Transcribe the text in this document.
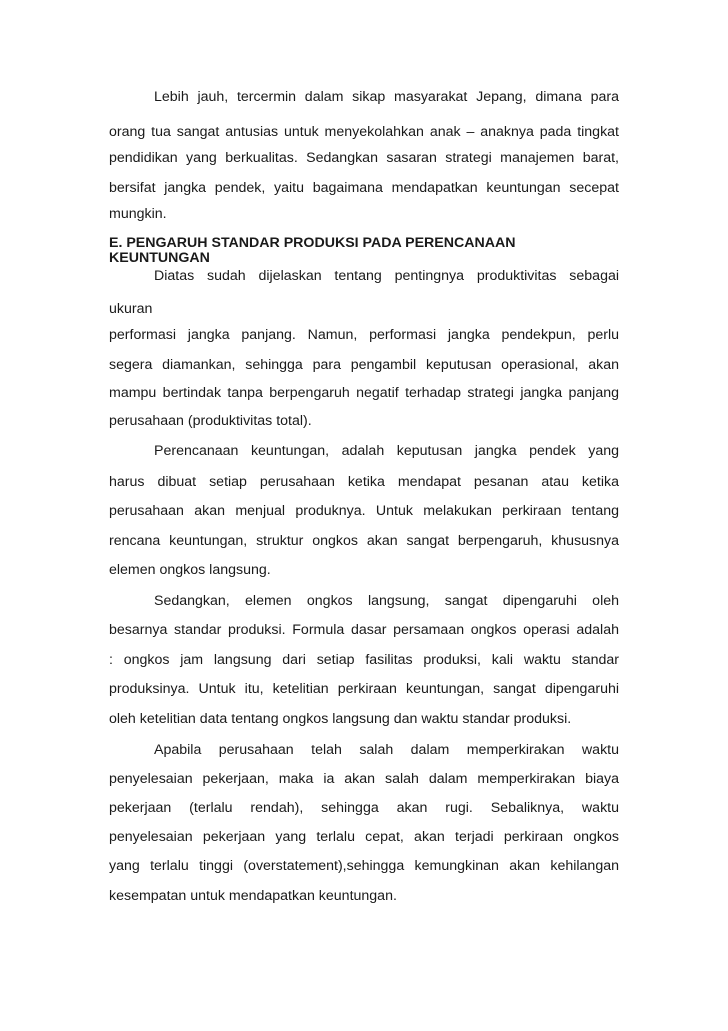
Lebih jauh, tercermin dalam sikap masyarakat Jepang, dimana para
orang tua sangat antusias untuk menyekolahkan anak – anaknya pada tingkat
pendidikan yang berkualitas. Sedangkan sasaran strategi manajemen barat,
bersifat jangka pendek, yaitu bagaimana mendapatkan keuntungan secepat
mungkin.
E. PENGARUH STANDAR PRODUKSI PADA PERENCANAAN
KEUNTUNGAN
Diatas sudah dijelaskan tentang pentingnya produktivitas sebagai
ukuran
performasi jangka panjang. Namun, performasi jangka pendekpun, perlu
segera diamankan, sehingga para pengambil keputusan operasional, akan
mampu bertindak tanpa berpengaruh negatif terhadap strategi jangka panjang
perusahaan (produktivitas total).
Perencanaan keuntungan, adalah keputusan jangka pendek yang
harus dibuat setiap perusahaan ketika mendapat pesanan atau ketika
perusahaan akan menjual produknya. Untuk melakukan perkiraan tentang
rencana keuntungan, struktur ongkos akan sangat berpengaruh, khususnya
elemen ongkos langsung.
Sedangkan, elemen ongkos langsung, sangat dipengaruhi oleh
besarnya standar produksi. Formula dasar persamaan ongkos operasi adalah
: ongkos jam langsung dari setiap fasilitas produksi, kali waktu standar
produksinya. Untuk itu, ketelitian perkiraan keuntungan, sangat dipengaruhi
oleh ketelitian data tentang ongkos langsung dan waktu standar produksi.
Apabila perusahaan telah salah dalam memperkirakan waktu
penyelesaian pekerjaan, maka ia akan salah dalam memperkirakan biaya
pekerjaan (terlalu rendah), sehingga akan rugi. Sebaliknya, waktu
penyelesaian pekerjaan yang terlalu cepat, akan terjadi perkiraan ongkos
yang terlalu tinggi (overstatement),sehingga kemungkinan akan kehilangan
kesempatan untuk mendapatkan keuntungan.
